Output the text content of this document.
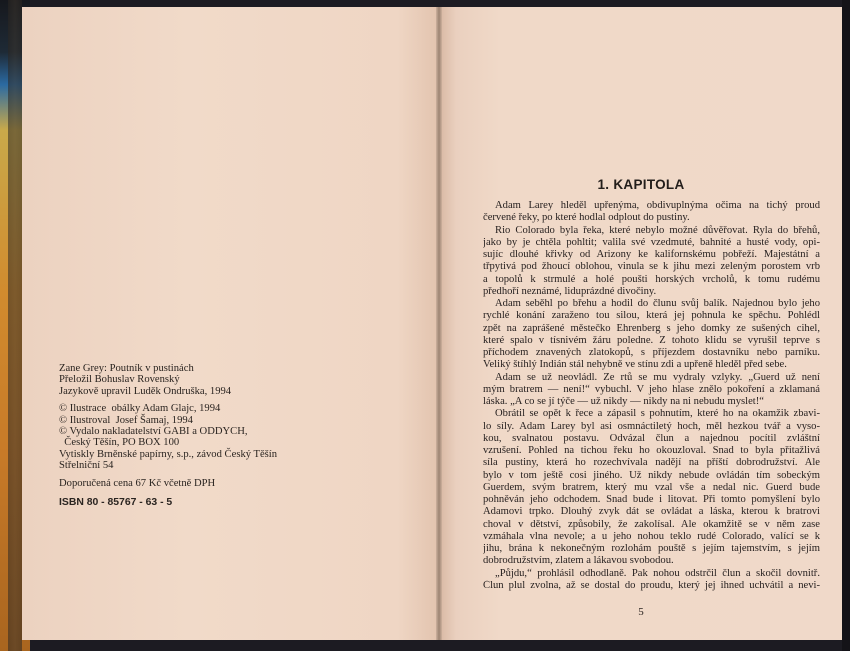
Zane Grey: Poutník v pustinách
Přeložil Bohuslav Rovenský
Jazykově upravil Luděk Ondruška, 1994
© Ilustrace  obálky Adam Glajc, 1994
© Ilustroval  Josef Šamaj, 1994
© Vydalo nakladatelství GABI a ODDYCH,
Český Těšín, PO BOX 100
Vytiskly Brněnské papírny, s.p., závod Český Těšín
Střelniční 54
Doporučená cena 67 Kč včetně DPH
ISBN 80 - 85767 - 63 - 5
1. KAPITOLA
Adam Larey hleděl upřenýma, obdivuplnýma očima na tichý proud
červené řeky, po které hodlal odplout do pustiny.
Rio Colorado byla řeka, které nebylo možné důvěřovat. Ryla do břehů,
jako by je chtěla pohltit; valila své vzedmuté, bahnité a husté vody, opi-
sujíc dlouhé křivky od Arizony ke kalifornskému pobřeží. Majestátní a
třpytivá pod žhoucí oblohou, vinula se k jihu mezi zeleným porostem vrb
a topolů k strmulé a holé poušti horských vrcholů, k tomu rudému
předhoří neznámé, liduprázdné divočiny.
Adam seběhl po břehu a hodil do člunu svůj balík. Najednou bylo jeho
rychlé konání zaraženo tou silou, která jej pohnula ke spěchu. Pohlédl
zpět na zaprášené městečko Ehrenberg s jeho domky ze sušených cihel,
které spalo v tísnivém žáru poledne. Z tohoto klidu se vyrušil teprve s
příchodem znavených zlatokopů, s příjezdem dostavníku nebo parníku.
Veliký štíhlý Indián stál nehybně ve stínu zdi a upřeně hleděl před sebe.
Adam se už neovládl. Ze rtů se mu vydraly vzlyky. „Guerd už není
mým bratrem — není!“ vybuchl. V jeho hlase znělo pokoření a zklamaná
láska. „A co se jí týče — už nikdy — nikdy na ni nebudu myslet!“
Obrátil se opět k řece a zápasil s pohnutím, které ho na okamžik zbavi-
lo síly. Adam Larey byl asi osmnáctiletý hoch, měl hezkou tvář a vyso-
kou, svalnatou postavu. Odvázal člun a najednou pocítil zvláštní
vzrušení. Pohled na tichou řeku ho okouzloval. Snad to byla přitažlivá
síla pustiny, která ho rozechvívala nadějí na příští dobrodružství. Ale
bylo v tom ještě cosi jiného. Už nikdy nebude ovládán tím sobeckým
Guerdem, svým bratrem, který mu vzal vše a nedal nic. Guerd bude
pohněván jeho odchodem. Snad bude i litovat. Při tomto pomyšlení bylo
Adamovi trpko. Dlouhý zvyk dát se ovládat a láska, kterou k bratrovi
choval v dětství, způsobily, že zakolísal. Ale okamžitě se v něm zase
vzmáhala vlna nevole; a u jeho nohou teklo rudé Colorado, valící se k
jihu, brána k nekonečným rozlohám pouště s jejím tajemstvím, s jejím
dobrodružstvím, zlatem a lákavou svobodou.
„Půjdu,“ prohlásil odhodlaně. Pak nohou odstrčil člun a skočil dovnitř.
Člun plul zvolna, až se dostal do proudu, který jej ihned uchvátil a nevi-
5
